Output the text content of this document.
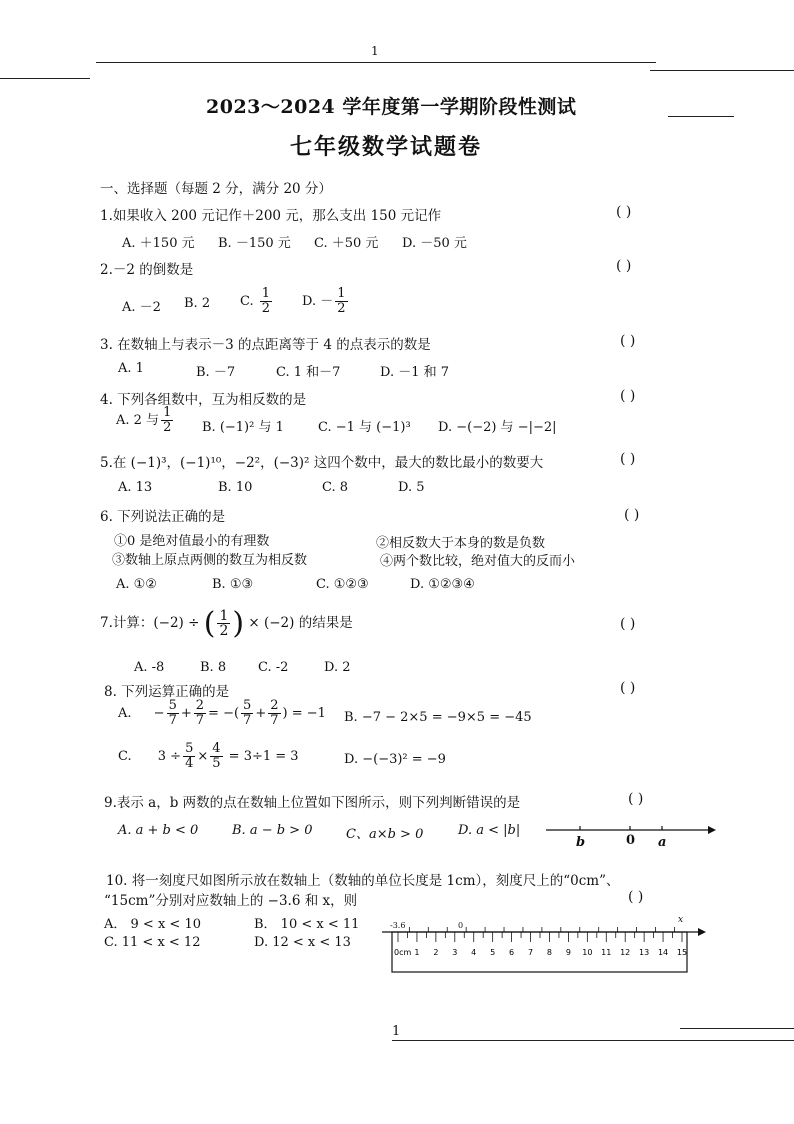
1
2023～2024 学年度第一学期阶段性测试
七年级数学试题卷
一、选择题（每题 2 分，满分 20 分）
1.如果收入 200 元记作＋200 元，那么支出 150 元记作	( )
A. ＋150 元 B. －150 元 C. ＋50 元 D. －50 元
2.－2 的倒数是	( )
A. －2 B. 2 C. $\frac{1}{2} D$. － $\frac{1}{2}$
3. 在数轴上与表示－3 的点距离等于 4 的点表示的数是	( )
A. 1	B. －7	C. 1 和－7	D. －1 和 7
4. 下列各组数中，互为相反数的是	( )
A. 2 与 $\frac{1}{2} B$. (−1)² 与 1	C. −1 与 (−1)³ D. −(−2) 与 −|−2|
5.在 (−1)³，(−1)¹⁰，−2²，(−3)² 这四个数中，最大的数比最小的数要大	( )
A. 13	B. 10	C. 8	D. 5
6. 下列说法正确的是	( )
①0 是绝对值最小的有理数	②相反数大于本身的数是负数
③数轴上原点两侧的数互为相反数	④两个数比较，绝对值大的反而小
A. ①②	B. ①③	C. ①②③	D. ①②③④
7.计算：(−2) ÷ ( $\frac{1}{2}$ ) × (−2) 的结果是	( )
A. -8	B. 8 C. -2	D. 2
8. 下列运算正确的是	( )
A. − $\frac{5}{7} + \frac{2}{7}$ = −( $\frac{5}{7} + \frac{2}{7}$ ) = −1 B. −7 − 2×5 = −9×5 = −45
C. $3 \div \frac{5}{4} \times \frac{4}{5} = 3\div 1 = 3$	D. −(−3)² = −9
9.表示 a，b 两数的点在数轴上位置如下图所示，则下列判断错误的是	( )
A. a + b < 0	B. a − b > 0	C、a×b > 0	D. a < |b|
b	0 a
10. 将一刻度尺如图所示放在数轴上（数轴的单位长度是 1cm），刻度尺上的“0cm”、
“15cm”分别对应数轴上的 −3.6 和 x，则	( )
A． 9 < x < 10	B． 10 < x < 11
C. 11 < x < 12	D. 12 < x < 13
-3.6	0
x
0cm 1 2 3 4 5 6 7 8 9 10 11 12 13 14 15
1
